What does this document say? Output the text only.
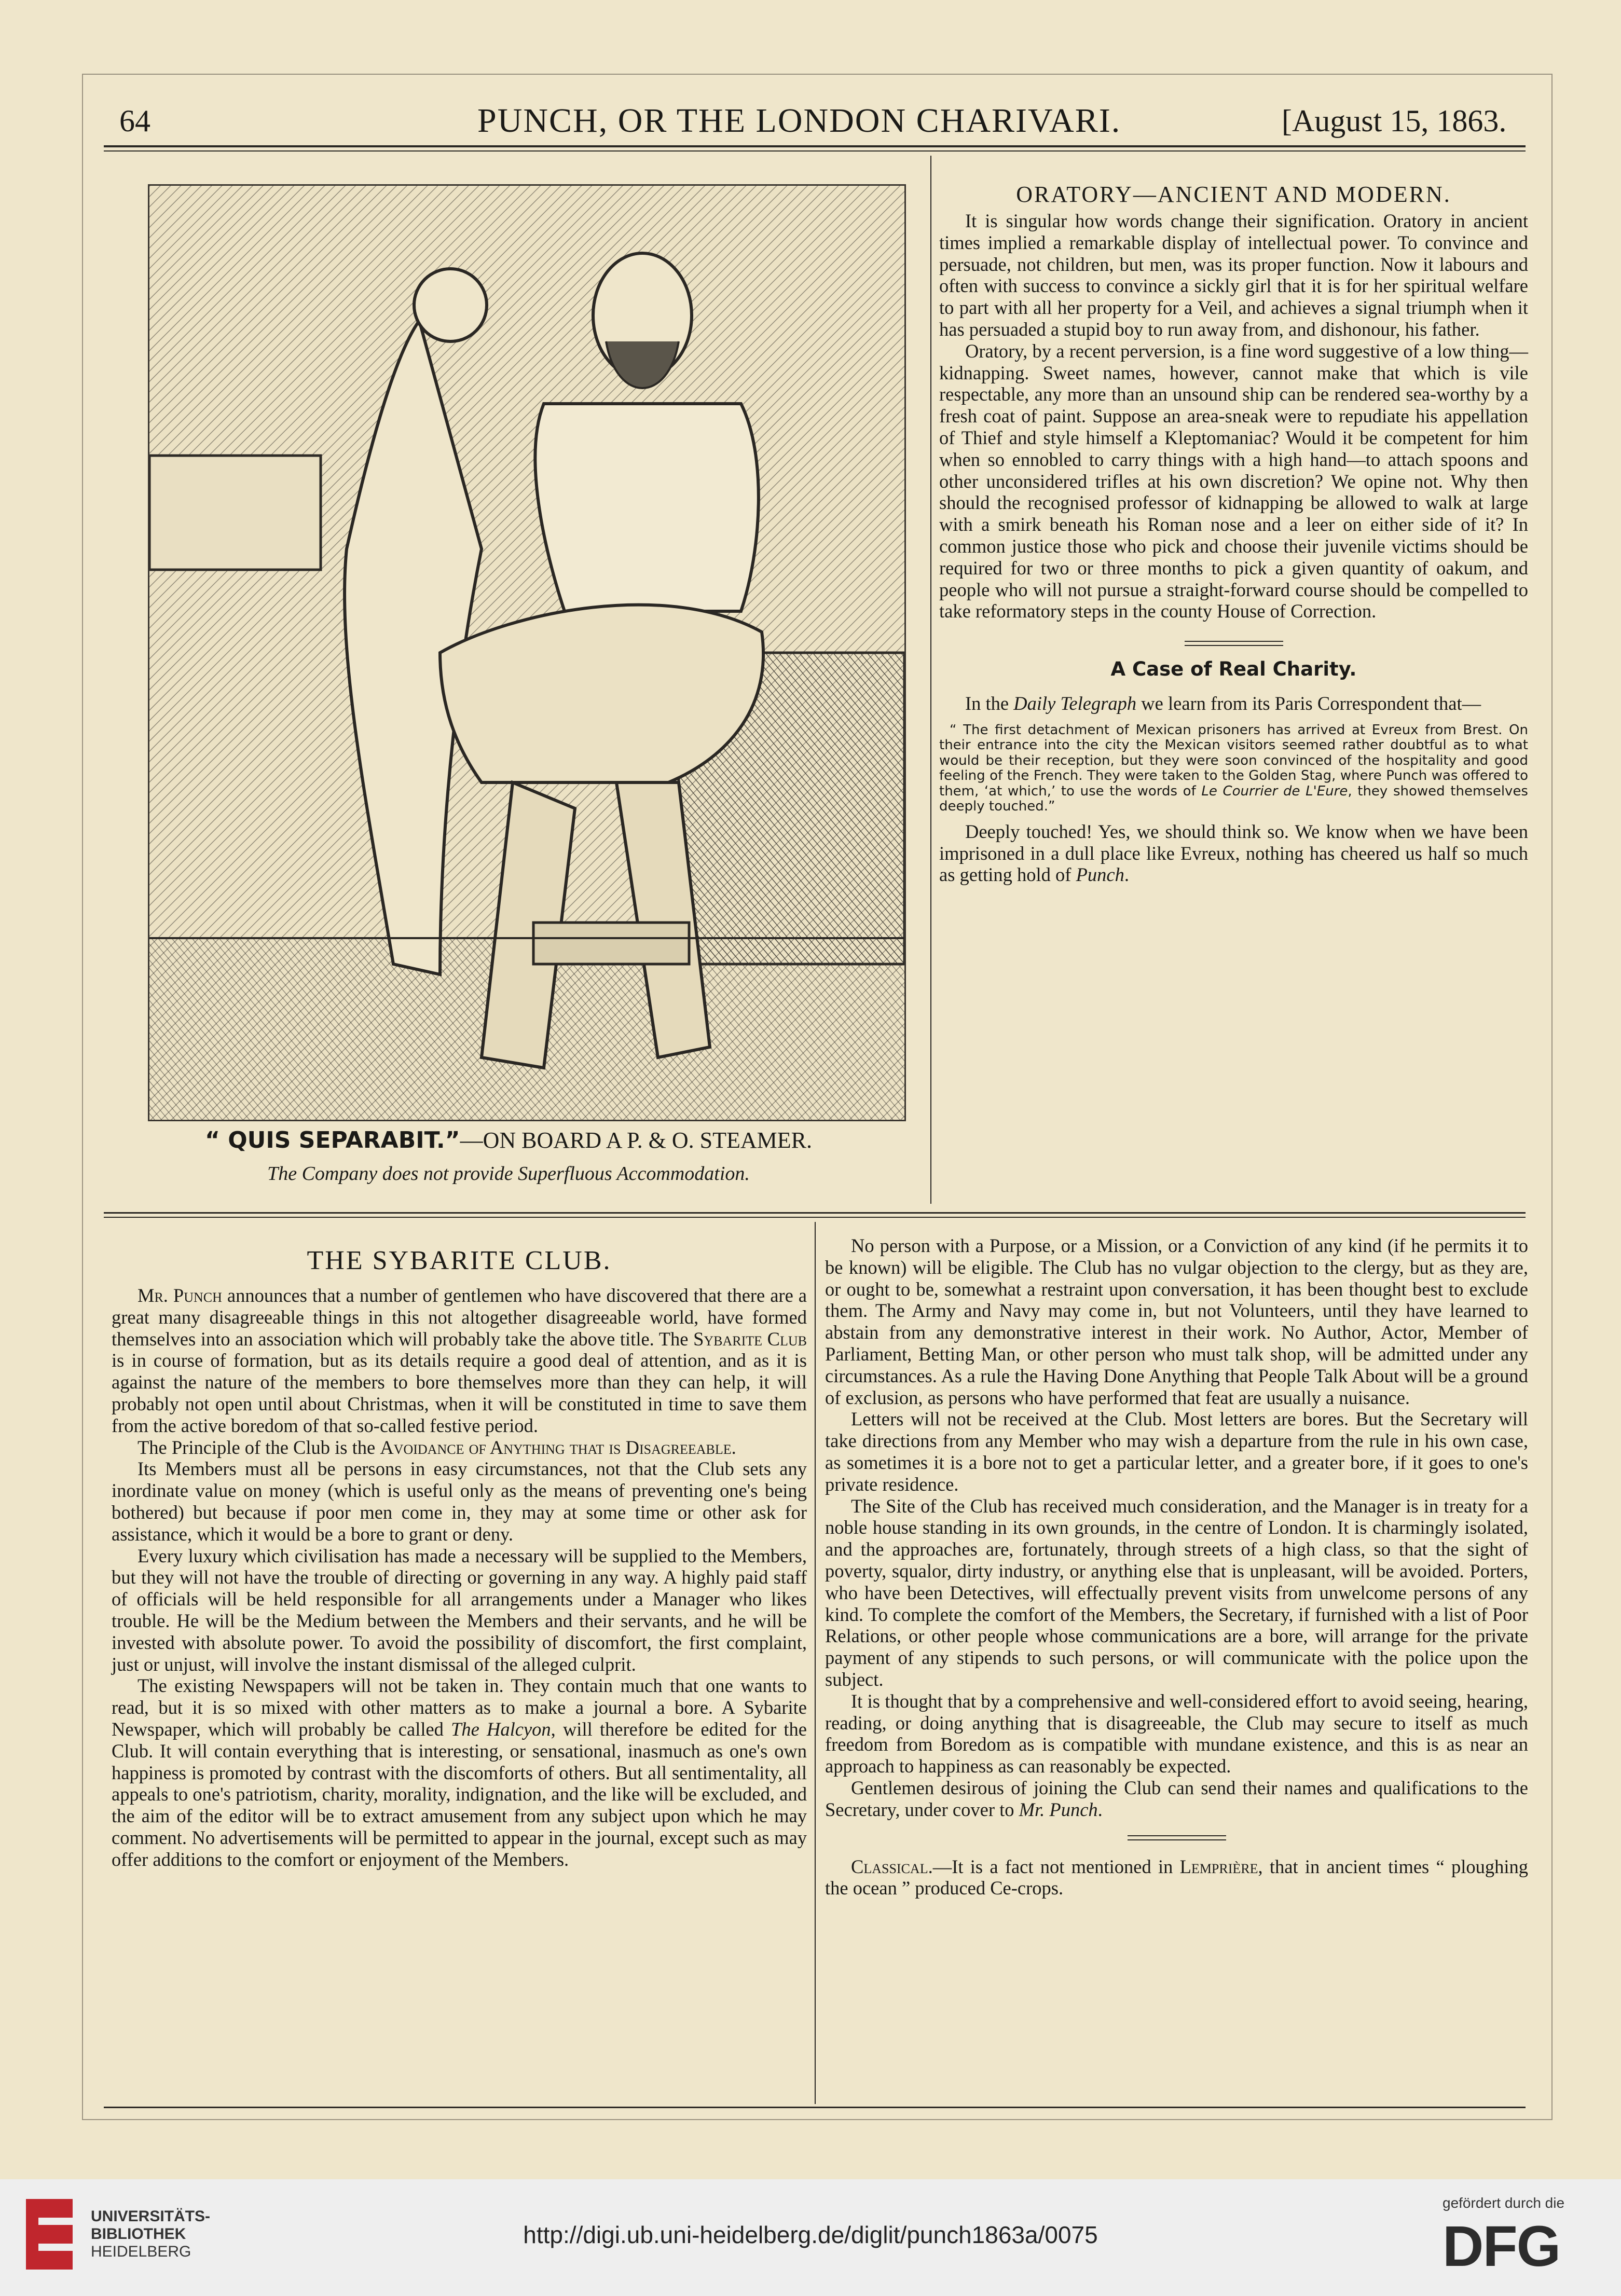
64	PUNCH, OR THE LONDON CHARIVARI.	[August 15, 1863.
“ QUIS SEPARABIT.”—ON BOARD A P. & O. STEAMER.
The Company does not provide Superfluous Accommodation.
ORATORY—ANCIENT AND MODERN.

It is singular how words change their signification. Oratory in ancient times implied a remarkable display of intellectual power. To convince and persuade, not children, but men, was its proper function. Now it labours and often with success to convince a sickly girl that it is for her spiritual welfare to part with all her property for a Veil, and achieves a signal triumph when it has persuaded a stupid boy to run away from, and dishonour, his father.

Oratory, by a recent perversion, is a fine word suggestive of a low thing—kidnapping. Sweet names, however, cannot make that which is vile respectable, any more than an unsound ship can be rendered sea-worthy by a fresh coat of paint. Suppose an area-sneak were to repudiate his appellation of Thief and style himself a Kleptomaniac? Would it be competent for him when so ennobled to carry things with a high hand—to attach spoons and other unconsidered trifles at his own discretion? We opine not. Why then should the recognised professor of kidnapping be allowed to walk at large with a smirk beneath his Roman nose and a leer on either side of it? In common justice those who pick and choose their juvenile victims should be required for two or three months to pick a given quantity of oakum, and people who will not pursue a straight-forward course should be compelled to take reformatory steps in the county House of Correction.

A Case of Real Charity.

In the Daily Telegraph we learn from its Paris Correspondent that—

“ The first detachment of Mexican prisoners has arrived at Evreux from Brest. On their entrance into the city the Mexican visitors seemed rather doubtful as to what would be their reception, but they were soon convinced of the hospitality and good feeling of the French. They were taken to the Golden Stag, where Punch was offered to them, ‘at which,’ to use the words of Le Courrier de L'Eure, they showed themselves deeply touched.”

Deeply touched! Yes, we should think so. We know when we have been imprisoned in a dull place like Evreux, nothing has cheered us half so much as getting hold of Punch.

THE SYBARITE CLUB.

Mr. Punch announces that a number of gentlemen who have discovered that there are a great many disagreeable things in this not altogether disagreeable world, have formed themselves into an association which will probably take the above title. The Sybarite Club is in course of formation, but as its details require a good deal of attention, and as it is against the nature of the members to bore themselves more than they can help, it will probably not open until about Christmas, when it will be constituted in time to save them from the active boredom of that so-called festive period.

The Principle of the Club is the Avoidance of Anything that is Disagreeable.

Its Members must all be persons in easy circumstances, not that the Club sets any inordinate value on money (which is useful only as the means of preventing one's being bothered) but because if poor men come in, they may at some time or other ask for assistance, which it would be a bore to grant or deny.

Every luxury which civilisation has made a necessary will be supplied to the Members, but they will not have the trouble of directing or governing in any way. A highly paid staff of officials will be held responsible for all arrangements under a Manager who likes trouble. He will be the Medium between the Members and their servants, and he will be invested with absolute power. To avoid the possibility of discomfort, the first complaint, just or unjust, will involve the instant dismissal of the alleged culprit.

The existing Newspapers will not be taken in. They contain much that one wants to read, but it is so mixed with other matters as to make a journal a bore. A Sybarite Newspaper, which will probably be called The Halcyon, will therefore be edited for the Club. It will contain everything that is interesting, or sensational, inasmuch as one's own happiness is promoted by contrast with the discomforts of others. But all sentimentality, all appeals to one's patriotism, charity, morality, indignation, and the like will be excluded, and the aim of the editor will be to extract amusement from any subject upon which he may comment. No advertisements will be permitted to appear in the journal, except such as may offer additions to the comfort or enjoyment of the Members.

No person with a Purpose, or a Mission, or a Conviction of any kind (if he permits it to be known) will be eligible. The Club has no vulgar objection to the clergy, but as they are, or ought to be, somewhat a restraint upon conversation, it has been thought best to exclude them. The Army and Navy may come in, but not Volunteers, until they have learned to abstain from any demonstrative interest in their work. No Author, Actor, Member of Parliament, Betting Man, or other person who must talk shop, will be admitted under any circumstances. As a rule the Having Done Anything that People Talk About will be a ground of exclusion, as persons who have performed that feat are usually a nuisance.

Letters will not be received at the Club. Most letters are bores. But the Secretary will take directions from any Member who may wish a departure from the rule in his own case, as sometimes it is a bore not to get a particular letter, and a greater bore, if it goes to one's private residence.

The Site of the Club has received much consideration, and the Manager is in treaty for a noble house standing in its own grounds, in the centre of London. It is charmingly isolated, and the approaches are, fortunately, through streets of a high class, so that the sight of poverty, squalor, dirty industry, or anything else that is unpleasant, will be avoided. Porters, who have been Detectives, will effectually prevent visits from unwelcome persons of any kind. To complete the comfort of the Members, the Secretary, if furnished with a list of Poor Relations, or other people whose communications are a bore, will arrange for the private payment of any stipends to such persons, or will communicate with the police upon the subject.

It is thought that by a comprehensive and well-considered effort to avoid seeing, hearing, reading, or doing anything that is disagreeable, the Club may secure to itself as much freedom from Boredom as is compatible with mundane existence, and this is as near an approach to happiness as can reasonably be expected.

Gentlemen desirous of joining the Club can send their names and qualifications to the Secretary, under cover to Mr. Punch.

Classical.—It is a fact not mentioned in Lemprière, that in ancient times “ ploughing the ocean ” produced Ce-crops.

UNIVERSITÄTS-
BIBLIOTHEK
HEIDELBERG
http://digi.ub.uni-heidelberg.de/diglit/punch1863a/0075
gefördert durch die
DFG
